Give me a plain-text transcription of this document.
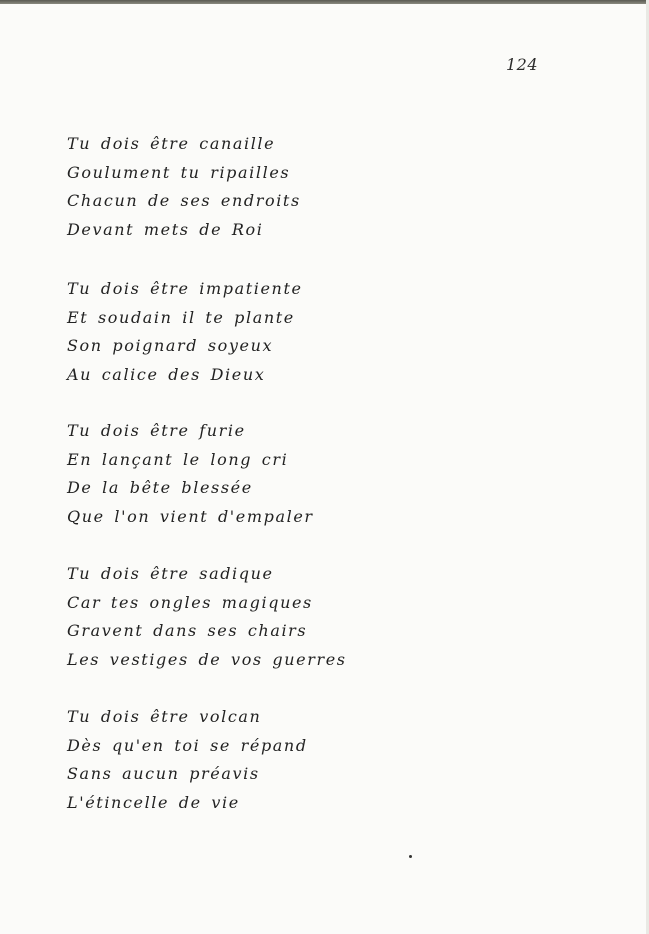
124
Tu dois être canaille
Goulument tu ripailles
Chacun de ses endroits
Devant mets de Roi
Tu dois être impatiente
Et soudain il te plante
Son poignard soyeux
Au calice des Dieux
Tu dois être furie
En lançant le long cri
De la bête blessée
Que l'on vient d'empaler
Tu dois être sadique
Car tes ongles magiques
Gravent dans ses chairs
Les vestiges de vos guerres
Tu dois être volcan
Dès qu'en toi se répand
Sans aucun préavis
L'étincelle de vie
